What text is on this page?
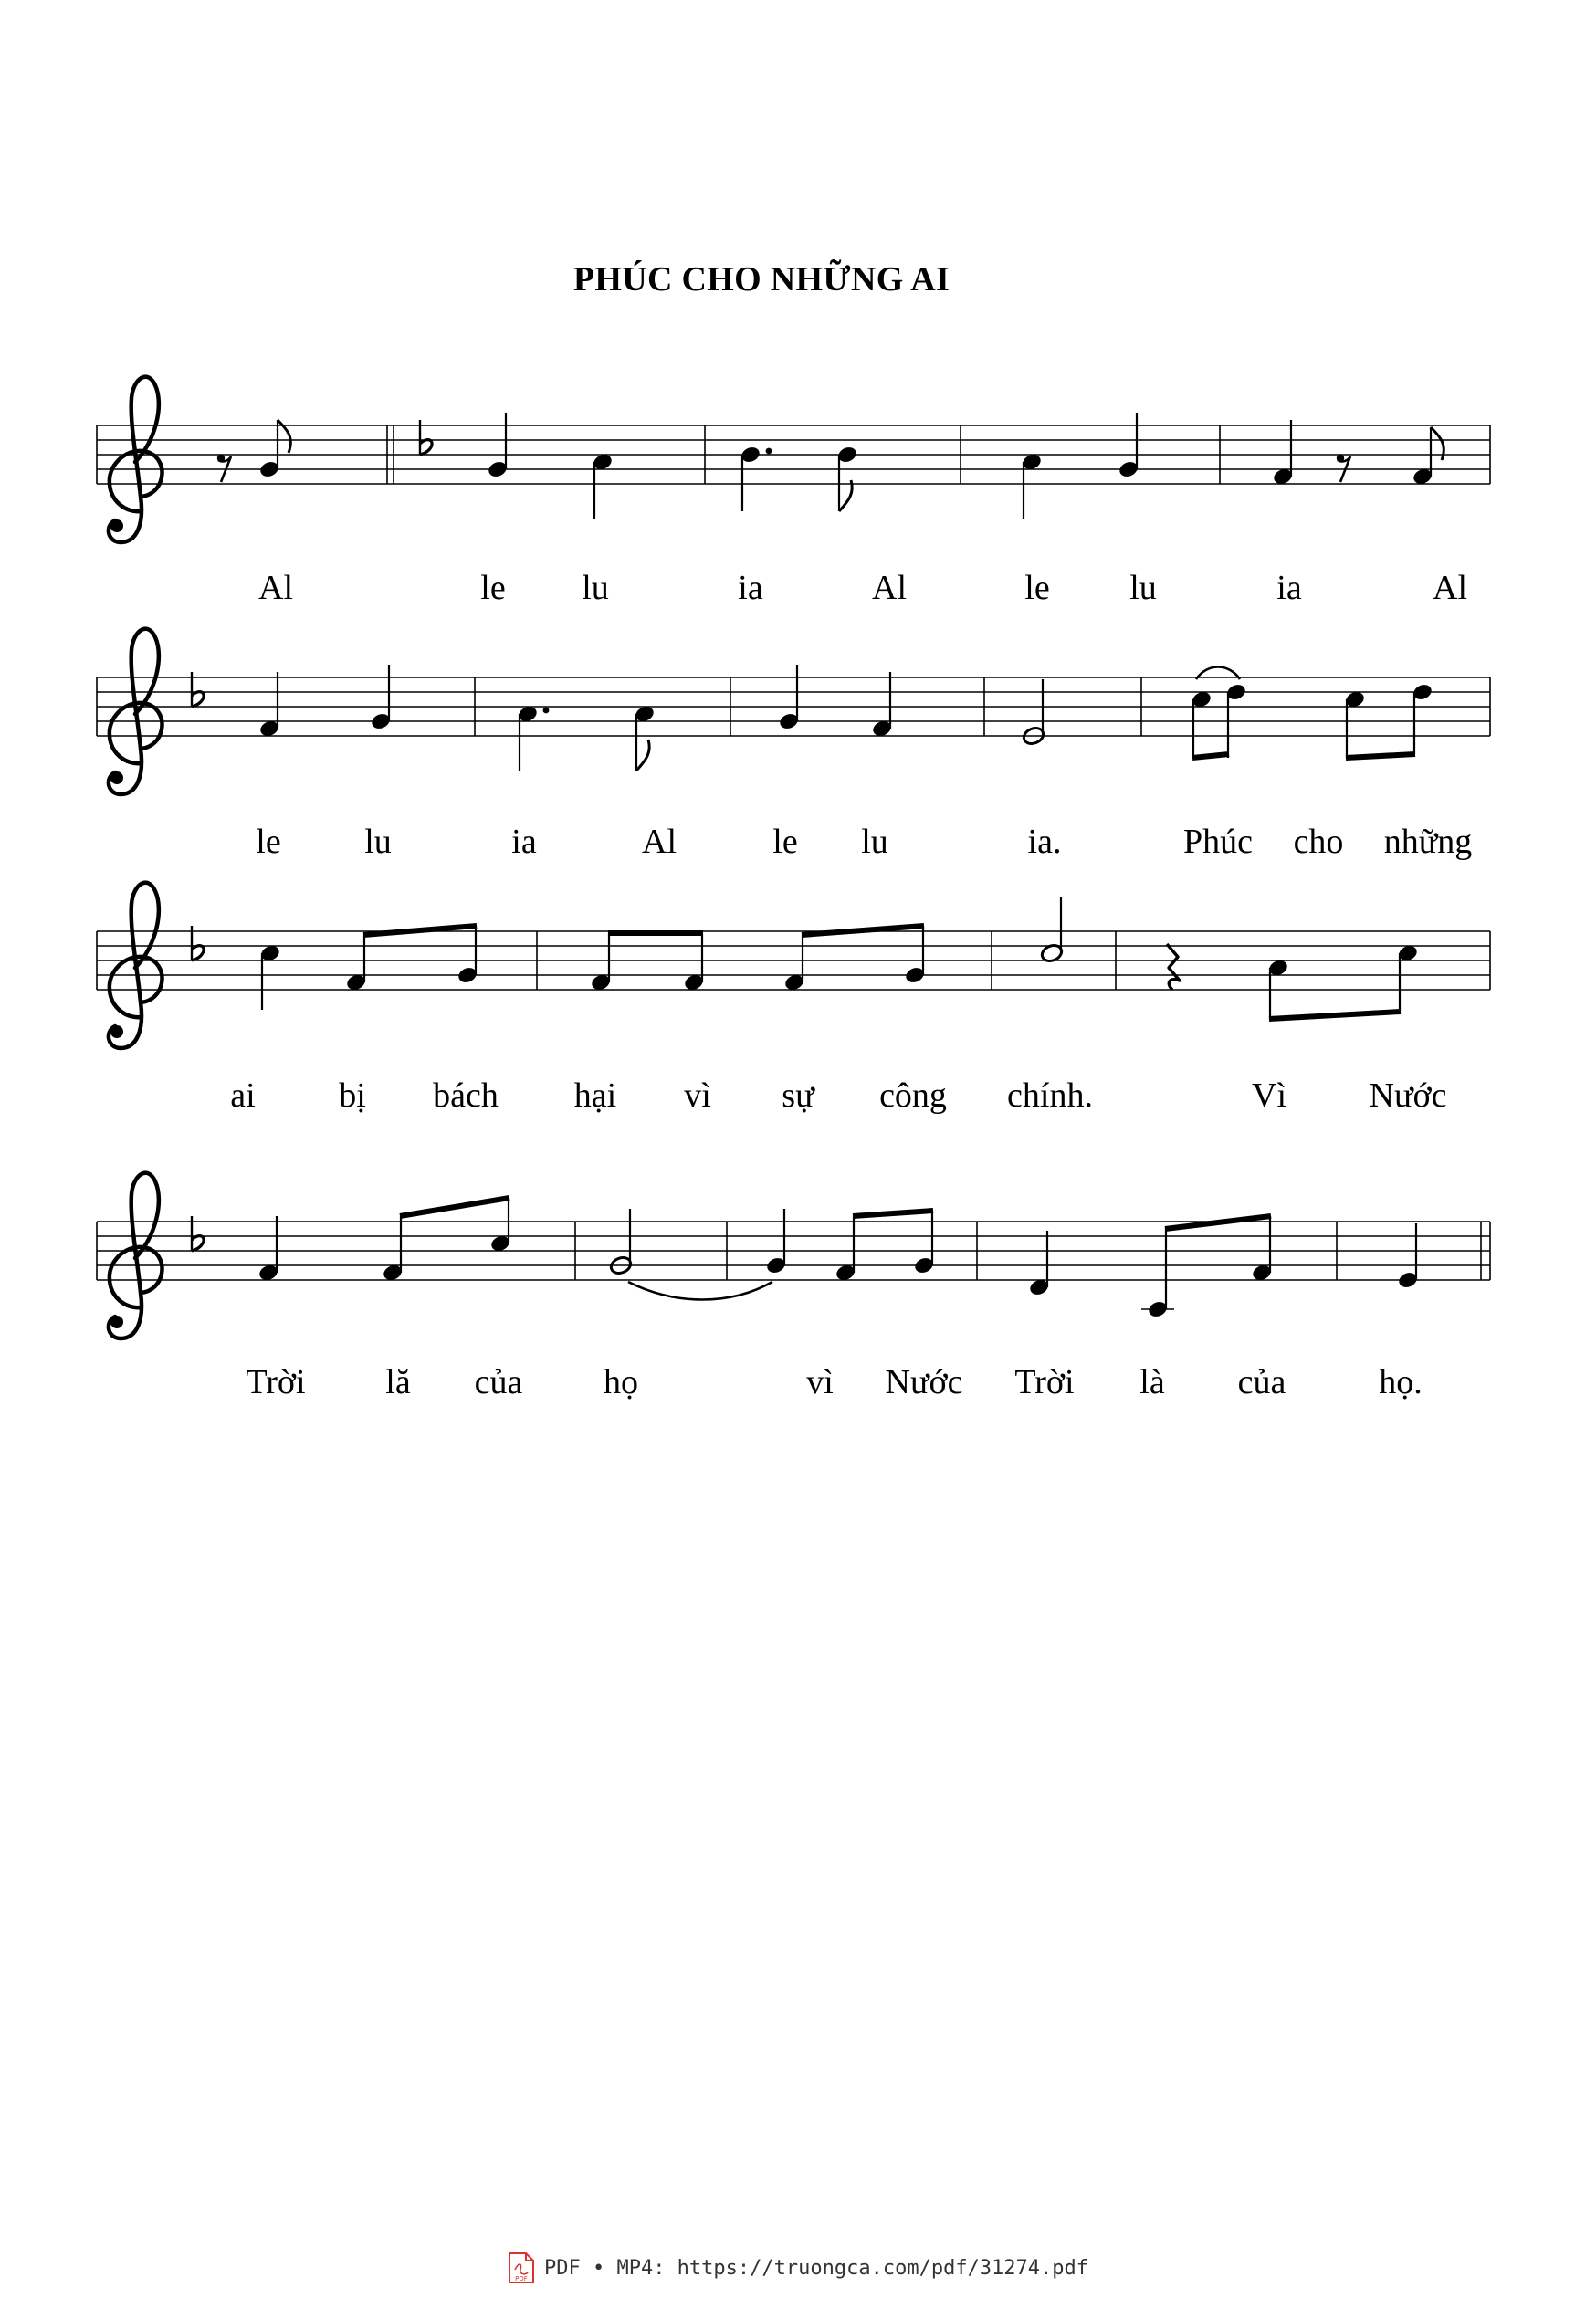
PHÚC CHO NHỮNG AI
Al	le lu	ia	Al	le lu	ia	Al
le lu	ia	Al	le lu	ia.	Phúc cho những
ai bị bách hại vì sự công chính.	Vì Nước
Trời lă của họ	vì Nước Trời là của	họ.
PDF PDF • MP4: https://truongca.com/pdf/31274.pdf
